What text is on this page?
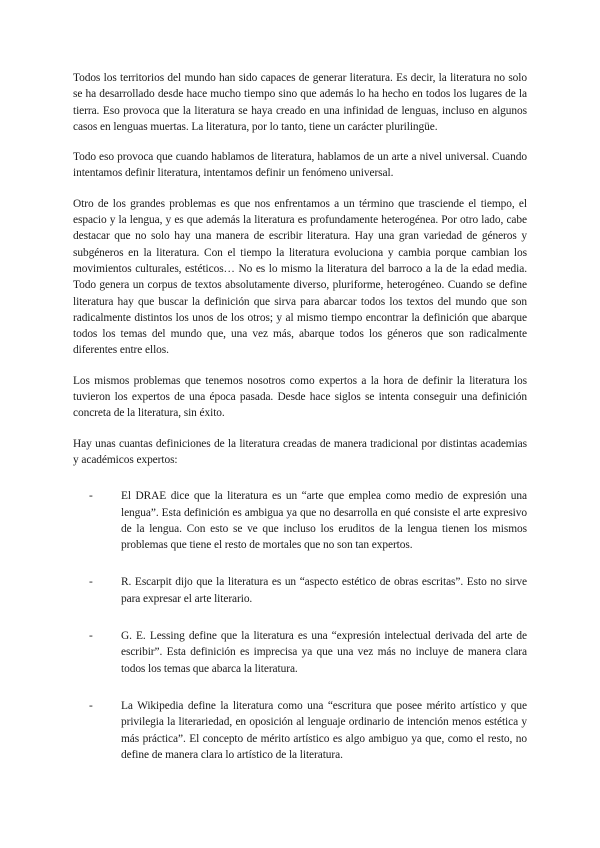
Todos los territorios del mundo han sido capaces de generar literatura. Es decir, la literatura no solo se ha desarrollado desde hace mucho tiempo sino que además lo ha hecho en todos los lugares de la tierra. Eso provoca que la literatura se haya creado en una infinidad de lenguas, incluso en algunos casos en lenguas muertas. La literatura, por lo tanto, tiene un carácter plurilingüe.

Todo eso provoca que cuando hablamos de literatura, hablamos de un arte a nivel universal. Cuando intentamos definir literatura, intentamos definir un fenómeno universal.

Otro de los grandes problemas es que nos enfrentamos a un término que trasciende el tiempo, el espacio y la lengua, y es que además la literatura es profundamente heterogénea. Por otro lado, cabe destacar que no solo hay una manera de escribir literatura. Hay una gran variedad de géneros y subgéneros en la literatura. Con el tiempo la literatura evoluciona y cambia porque cambian los movimientos culturales, estéticos… No es lo mismo la literatura del barroco a la de la edad media. Todo genera un corpus de textos absolutamente diverso, pluriforme, heterogéneo. Cuando se define literatura hay que buscar la definición que sirva para abarcar todos los textos del mundo que son radicalmente distintos los unos de los otros; y al mismo tiempo encontrar la definición que abarque todos los temas del mundo que, una vez más, abarque todos los géneros que son radicalmente diferentes entre ellos.

Los mismos problemas que tenemos nosotros como expertos a la hora de definir la literatura los tuvieron los expertos de una época pasada. Desde hace siglos se intenta conseguir una definición concreta de la literatura, sin éxito.

Hay unas cuantas definiciones de la literatura creadas de manera tradicional por distintas academias y académicos expertos:

-	El DRAE dice que la literatura es un “arte que emplea como medio de expresión una lengua”. Esta definición es ambigua ya que no desarrolla en qué consiste el arte expresivo de la lengua. Con esto se ve que incluso los eruditos de la lengua tienen los mismos problemas que tiene el resto de mortales que no son tan expertos.
-	R. Escarpit dijo que la literatura es un “aspecto estético de obras escritas”. Esto no sirve para expresar el arte literario.
-	G. E. Lessing define que la literatura es una “expresión intelectual derivada del arte de escribir”. Esta definición es imprecisa ya que una vez más no incluye de manera clara todos los temas que abarca la literatura.
-	La Wikipedia define la literatura como una “escritura que posee mérito artístico y que privilegia la literariedad, en oposición al lenguaje ordinario de intención menos estética y más práctica”. El concepto de mérito artístico es algo ambiguo ya que, como el resto, no define de manera clara lo artístico de la literatura.
